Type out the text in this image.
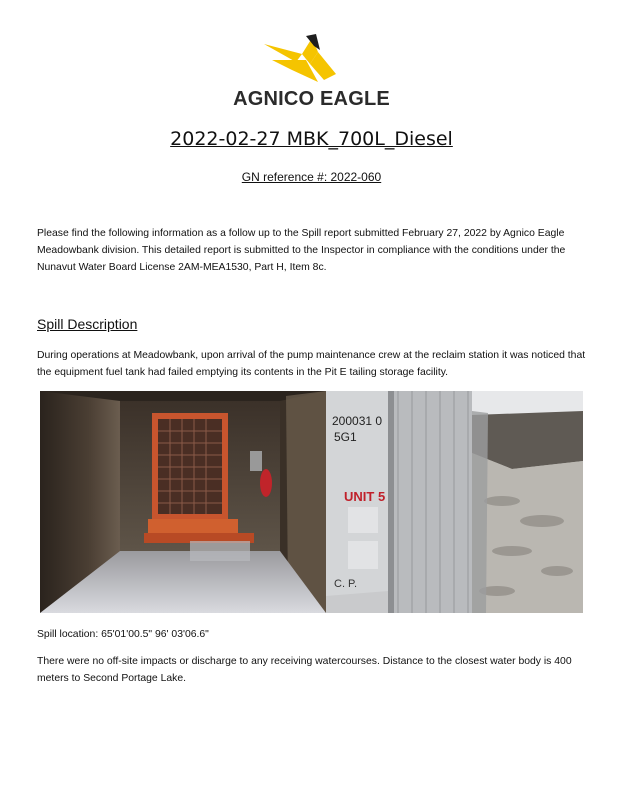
AGNICO EAGLE
2022-02-27 MBK_700L_Diesel
GN reference #: 2022-060
Please find the following information as a follow up to the Spill report submitted February 27, 2022 by Agnico Eagle Meadowbank division. This detailed report is submitted to the Inspector in compliance with the conditions under the Nunavut Water Board License 2AM-MEA1530, Part H, Item 8c.
Spill Description
During operations at Meadowbank, upon arrival of the pump maintenance crew at the reclaim station it was noticed that the equipment fuel tank had failed emptying its contents in the Pit E tailing storage facility.
200031 0
5G1
UNIT 5
C. P.
Spill location: 65'01'00.5" 96' 03'06.6"
There were no off-site impacts or discharge to any receiving watercourses. Distance to the closest water body is 400 meters to Second Portage Lake.
